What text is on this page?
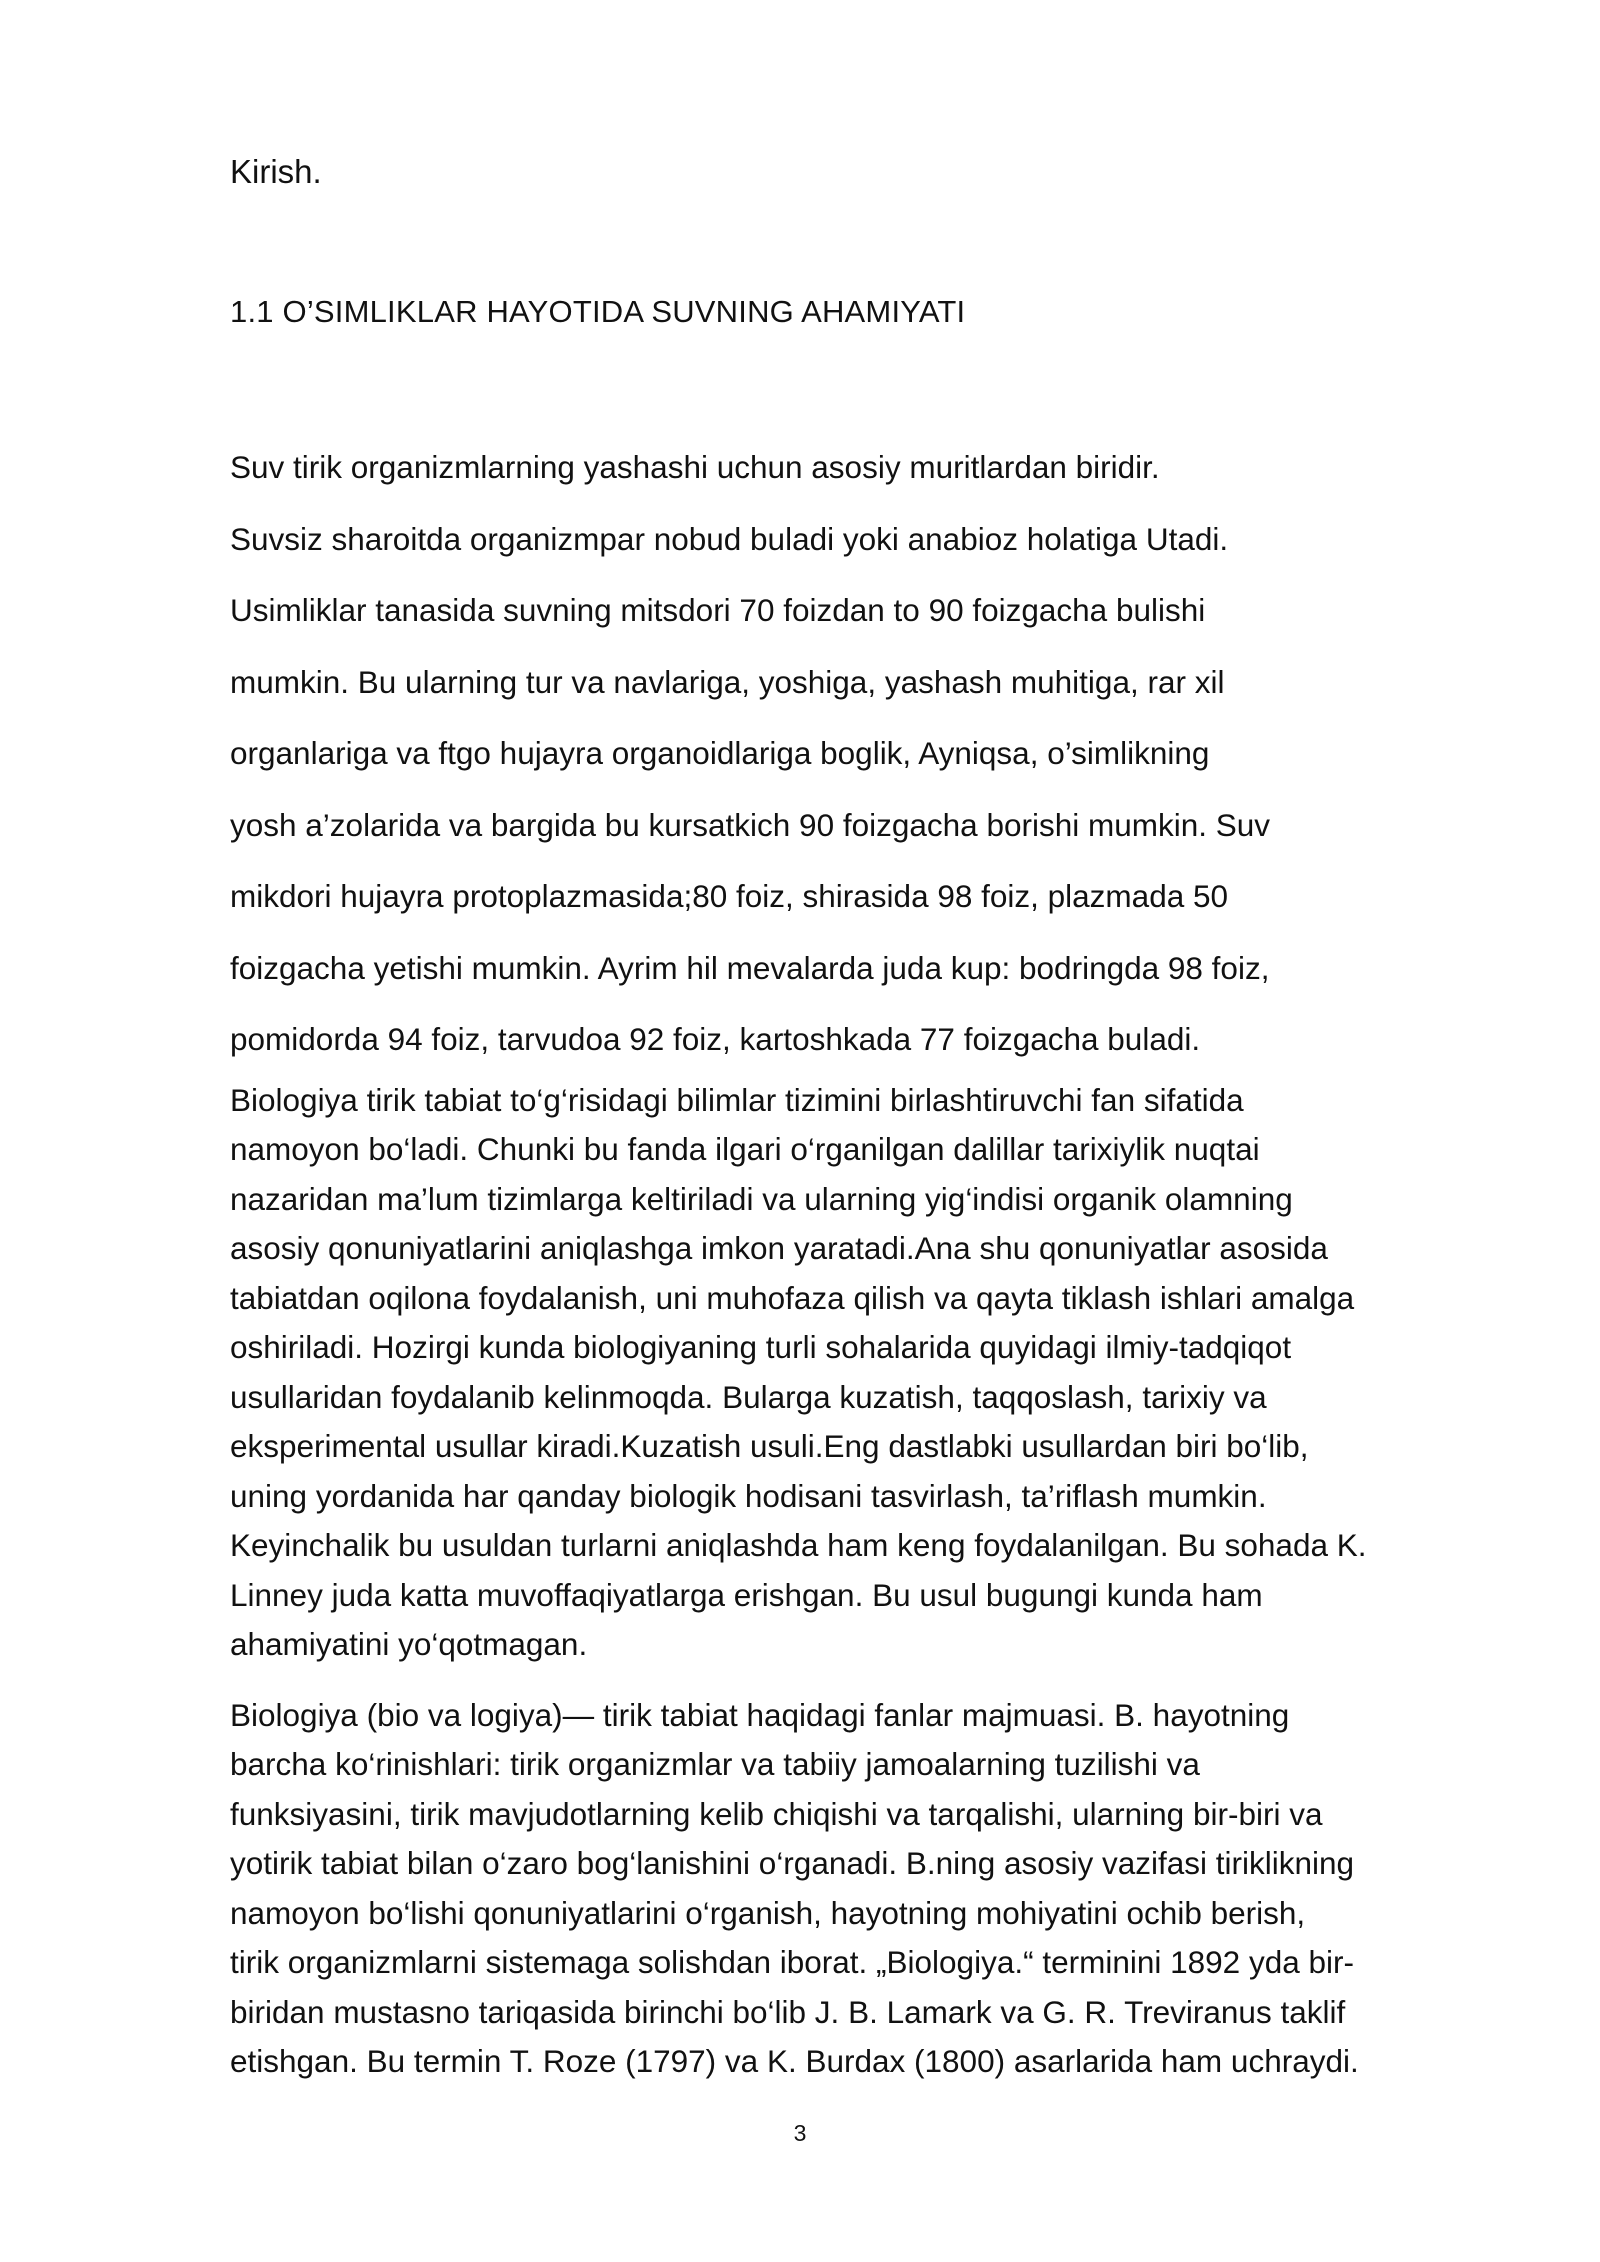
Kirish.

1.1 O’SIMLIKLAR HAYOTIDA SUVNING AHAMIYATI

Suv tirik organizmlarning yashashi uchun asosiy muritlardan biridir.
Suvsiz sharoitda organizmpar nobud buladi yoki anabioz holatiga Utadi.
Usimliklar tanasida suvning mitsdori 70 foizdan to 90 foizgacha bulishi
mumkin. Bu ularning tur va navlariga, yoshiga, yashash muhitiga, rar xil
organlariga va ftgo hujayra organoidlariga boglik, Ayniqsa, o’simlikning
yosh a’zolarida va bargida bu kursatkich 90 foizgacha borishi mumkin. Suv
mikdori hujayra protoplazmasida;80 foiz, shirasida 98 foiz, plazmada 50
foizgacha yetishi mumkin. Ayrim hil mevalarda juda kup: bodringda 98 foiz,
pomidorda 94 foiz, tarvudoa 92 foiz, kartoshkada 77 foizgacha buladi.

Biologiya tirik tabiat to‘g‘risidagi bilimlar tizimini birlashtiruvchi fan sifatida
namoyon bo‘ladi. Chunki bu fanda ilgari o‘rganilgan dalillar tarixiylik nuqtai
nazaridan ma’lum tizimlarga keltiriladi va ularning yig‘indisi organik olamning
asosiy qonuniyatlarini aniqlashga imkon yaratadi.Ana shu qonuniyatlar asosida
tabiatdan oqilona foydalanish, uni muhofaza qilish va qayta tiklash ishlari amalga
oshiriladi. Hozirgi kunda biologiyaning turli sohalarida quyidagi ilmiy-tadqiqot
usullaridan foydalanib kelinmoqda. Bularga kuzatish, taqqoslash, tarixiy va
eksperimental usullar kiradi.Kuzatish usuli.Eng dastlabki usullardan biri bo‘lib,
uning yordanida har qanday biologik hodisani tasvirlash, ta’riflash mumkin.
Keyinchalik bu usuldan turlarni aniqlashda ham keng foydalanilgan. Bu sohada K.
Linney juda katta muvoffaqiyatlarga erishgan. Bu usul bugungi kunda ham
ahamiyatini yo‘qotmagan.

Biologiya (bio va logiya)— tirik tabiat haqidagi fanlar majmuasi. B. hayotning
barcha ko‘rinishlari: tirik organizmlar va tabiiy jamoalarning tuzilishi va
funksiyasini, tirik mavjudotlarning kelib chiqishi va tarqalishi, ularning bir-biri va
yotirik tabiat bilan o‘zaro bog‘lanishini o‘rganadi. B.ning asosiy vazifasi tiriklikning
namoyon bo‘lishi qonuniyatlarini o‘rganish, hayotning mohiyatini ochib berish,
tirik organizmlarni sistemaga solishdan iborat. „Biologiya.“ terminini 1892 yda bir-
biridan mustasno tariqasida birinchi bo‘lib J. B. Lamark va G. R. Treviranus taklif
etishgan. Bu termin T. Roze (1797) va K. Burdax (1800) asarlarida ham uchraydi.

3
